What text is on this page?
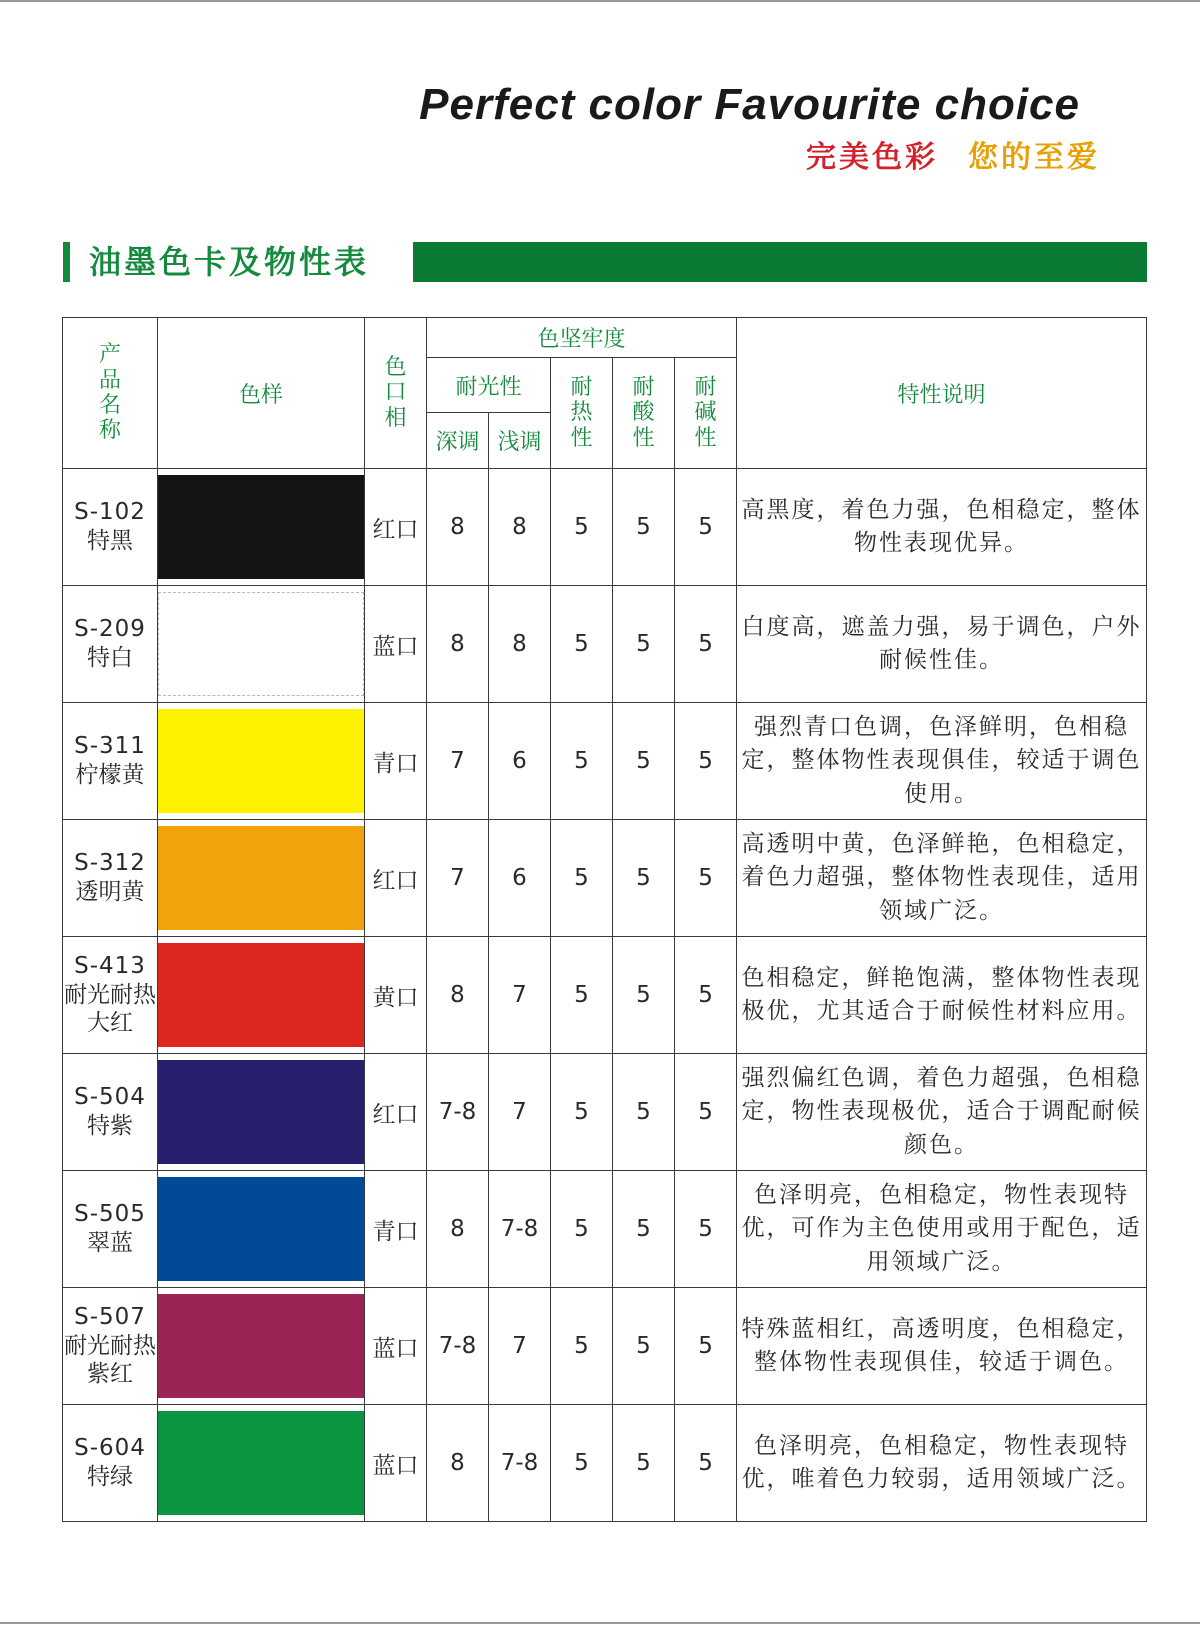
Perfect color Favourite choice
完美色彩 您的至爱
油墨色卡及物性表
产品名称	色样	色口相	色坚牢度					特性说明
			耐光性		耐热性	耐酸性	耐碱性	
			深调	浅调				

S-102
特黑		红口	8	8	5	5	5	高黑度，着色力强，色相稳定，整体物性表现优异。

S-209
特白		蓝口	8	8	5	5	5	白度高，遮盖力强，易于调色，户外耐候性佳。

S-311
柠檬黄		青口	7	6	5	5	5	强烈青口色调，色泽鲜明，色相稳定，整体物性表现俱佳，较适于调色使用。

S-312
透明黄		红口	7	6	5	5	5	高透明中黄，色泽鲜艳，色相稳定，着色力超强，整体物性表现佳，适用领域广泛。

S-413
耐光耐热大红		黄口	8	7	5	5	5	色相稳定，鲜艳饱满，整体物性表现极优，尤其适合于耐候性材料应用。

S-504
特紫		红口	7-8	7	5	5	5	强烈偏红色调，着色力超强，色相稳定，物性表现极优，适合于调配耐候颜色。

S-505
翠蓝		青口	8	7-8	5	5	5	色泽明亮，色相稳定，物性表现特优，可作为主色使用或用于配色，适用领域广泛。

S-507
耐光耐热紫红		蓝口	7-8	7	5	5	5	特殊蓝相红，高透明度，色相稳定，整体物性表现俱佳，较适于调色。

S-604
特绿		蓝口	8	7-8	5	5	5	色泽明亮，色相稳定，物性表现特优，唯着色力较弱，适用领域广泛。
